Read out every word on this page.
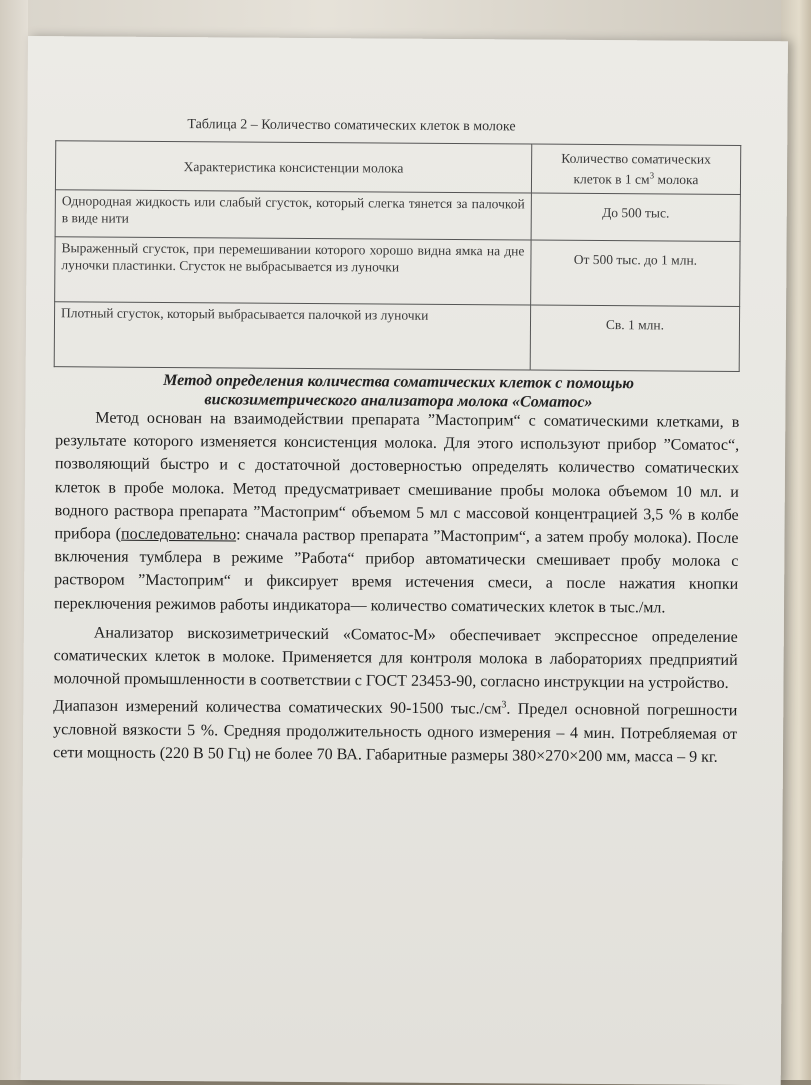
Таблица 2 – Количество соматических клеток в молоке
Характеристика консистенции молока	Количество соматических
клеток в 1 $см^3$ молока
Однородная жидкость или слабый сгусток, который слегка тянется за палочкой в виде нити	До 500 тыс.
Выраженный сгусток, при перемешивании которого хорошо видна ямка на дне луночки пластинки. Сгусток не выбрасывается из луночки	От 500 тыс. до 1 млн.
Плотный сгусток, который выбрасывается палочкой из луночки	Св. 1 млн.
Метод определения количества соматических клеток с помощью
вискозиметрического анализатора молока «Соматос»

Метод основан на взаимодействии препарата ”Мастоприм“ с соматическими клетками, в результате которого изменяется консистенция молока. Для этого используют прибор ”Соматос“, позволяющий быстро и с достаточной достоверностью определять количество соматических клеток в пробе молока. Метод предусматривает смешивание пробы молока объемом 10 мл. и водного раствора препарата ”Мастоприм“ объемом 5 мл с массовой концентрацией 3,5 % в колбе прибора (последовательно: сначала раствор препарата ”Мастоприм“, а затем пробу молока). После включения тумблера в режиме ”Работа“ прибор автоматически смешивает пробу молока с раствором ”Мастоприм“ и фиксирует время истечения смеси, а после нажатия кнопки переключения режимов работы индикатора— количество соматических клеток в тыс./мл.

Анализатор вискозиметрический «Соматос-М» обеспечивает экспрессное определение соматических клеток в молоке. Применяется для контроля молока в лабораториях предприятий молочной промышленности в соответствии с ГОСТ 23453-90, согласно инструкции на устройство.

Диапазон измерений количества соматических 90-1500 $тыс./см^3$. Предел основной погрешности условной вязкости 5 %. Средняя продолжительность одного измерения – 4 мин. Потребляемая от сети мощность (220 В 50 Гц) не более 70 ВА. Габаритные размеры 380×270×200 мм, масса – 9 кг.
